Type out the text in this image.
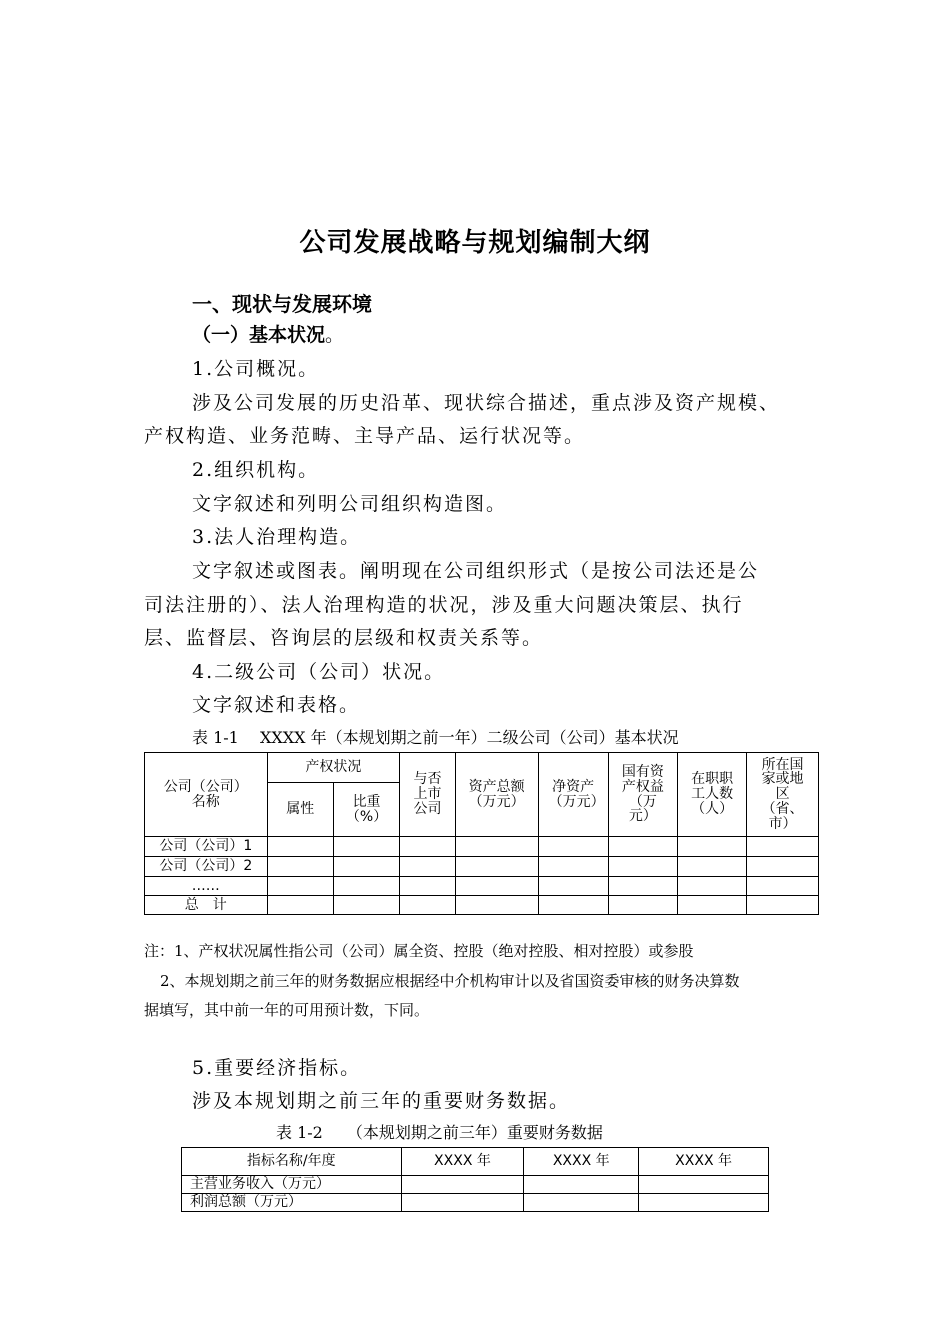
公司发展战略与规划编制大纲
一、现状与发展环境
（一）基本状况。
1.公司概况。
涉及公司发展的历史沿革、现状综合描述，重点涉及资产规模、
产权构造、业务范畴、主导产品、运行状况等。
2.组织机构。
文字叙述和列明公司组织构造图。
3.法人治理构造。
文字叙述或图表。阐明现在公司组织形式（是按公司法还是公
司法注册的）、法人治理构造的状况，涉及重大问题决策层、执行
层、监督层、咨询层的层级和权责关系等。
4.二级公司（公司）状况。
文字叙述和表格。
表 1-1　 XXXX 年（本规划期之前一年）二级公司（公司）基本状况
公司（公司）名称	产权状况		与否上市公司	资产总额（万元）	净资产（万元）	国有资产权益（万元）	在职职工人数（人）	所在国家或地区（省、市）
	属性	比重（%）						
公司（公司）1								
公司（公司）2								
……								
总　计								
注：1、产权状况属性指公司（公司）属全资、控股（绝对控股、相对控股）或参股
2、本规划期之前三年的财务数据应根据经中介机构审计以及省国资委审核的财务决算数
据填写，其中前一年的可用预计数，下同。
5.重要经济指标。
涉及本规划期之前三年的重要财务数据。
表 1-2　　（本规划期之前三年）重要财务数据
指标名称/年度	XXXX 年	XXXX 年	XXXX 年
主营业务收入（万元）			
利润总额（万元）			
